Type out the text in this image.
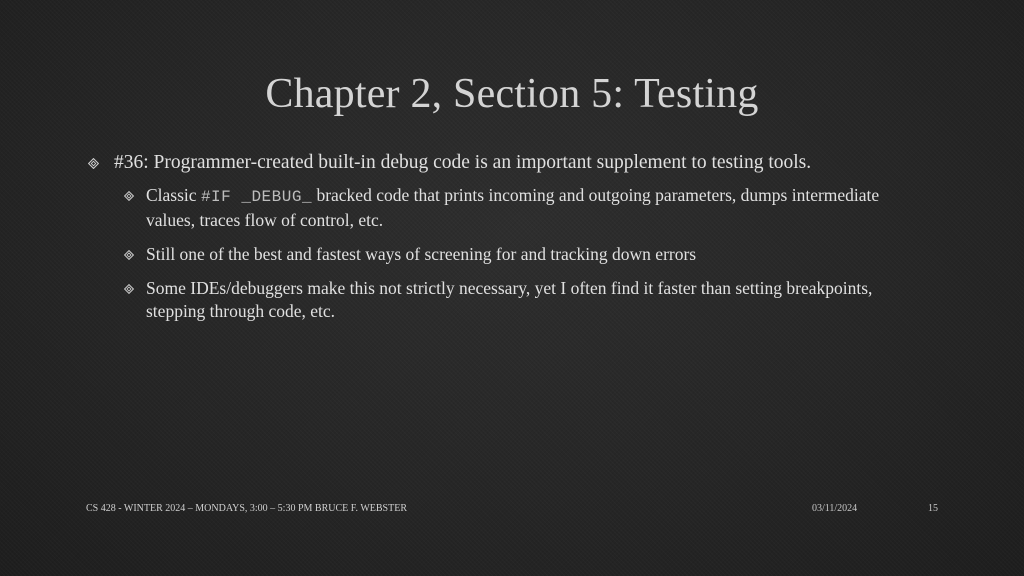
Chapter 2, Section 5: Testing
#36: Programmer-created built-in debug code is an important supplement to testing tools.
Classic #IF _DEBUG_ bracked code that prints incoming and outgoing parameters, dumps intermediate values, traces flow of control, etc.
Still one of the best and fastest ways of screening for and tracking down errors
Some IDEs/debuggers make this not strictly necessary, yet I often find it faster than setting breakpoints, stepping through code, etc.
CS 428 - WINTER 2024 – MONDAYS, 3:00 – 5:30 PM BRUCE F. WEBSTER	03/11/2024	15
